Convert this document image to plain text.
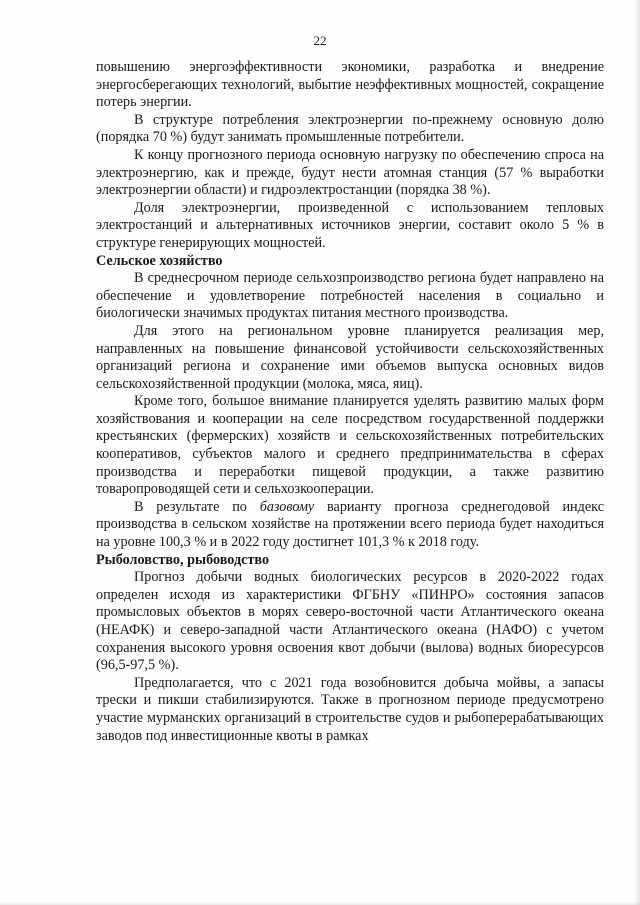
22

повышению энергоэффективности экономики, разработка и внедрение энергосберегающих технологий, выбытие неэффективных мощностей, сокращение потерь энергии.

В структуре потребления электроэнергии по-прежнему основную долю (порядка 70 %) будут занимать промышленные потребители.

К концу прогнозного периода основную нагрузку по обеспечению спроса на электроэнергию, как и прежде, будут нести атомная станция (57 % выработки электроэнергии области) и гидроэлектростанции (порядка 38 %).

Доля электроэнергии, произведенной с использованием тепловых электростанций и альтернативных источников энергии, составит около 5 % в структуре генерирующих мощностей.

Сельское хозяйство

В среднесрочном периоде сельхозпроизводство региона будет направлено на обеспечение и удовлетворение потребностей населения в социально и биологически значимых продуктах питания местного производства.

Для этого на региональном уровне планируется реализация мер, направленных на повышение финансовой устойчивости сельскохозяйственных организаций региона и сохранение ими объемов выпуска основных видов сельскохозяйственной продукции (молока, мяса, яиц).

Кроме того, большое внимание планируется уделять развитию малых форм хозяйствования и кооперации на селе посредством государственной поддержки крестьянских (фермерских) хозяйств и сельскохозяйственных потребительских кооперативов, субъектов малого и среднего предпринимательства в сферах производства и переработки пищевой продукции, а также развитию товаропроводящей сети и сельхозкооперации.

В результате по базовому варианту прогноза среднегодовой индекс производства в сельском хозяйстве на протяжении всего периода будет находиться на уровне 100,3 % и в 2022 году достигнет 101,3 % к 2018 году.

Рыболовство, рыбоводство

Прогноз добычи водных биологических ресурсов в 2020-2022 годах определен исходя из характеристики ФГБНУ «ПИНРО» состояния запасов промысловых объектов в морях северо-восточной части Атлантического океана (НЕАФК) и северо-западной части Атлантического океана (НАФО) с учетом сохранения высокого уровня освоения квот добычи (вылова) водных биоресурсов (96,5-97,5 %).

Предполагается, что с 2021 года возобновится добыча мойвы, а запасы трески и пикши стабилизируются. Также в прогнозном периоде предусмотрено участие мурманских организаций в строительстве судов и рыбоперерабатывающих заводов под инвестиционные квоты в рамках
